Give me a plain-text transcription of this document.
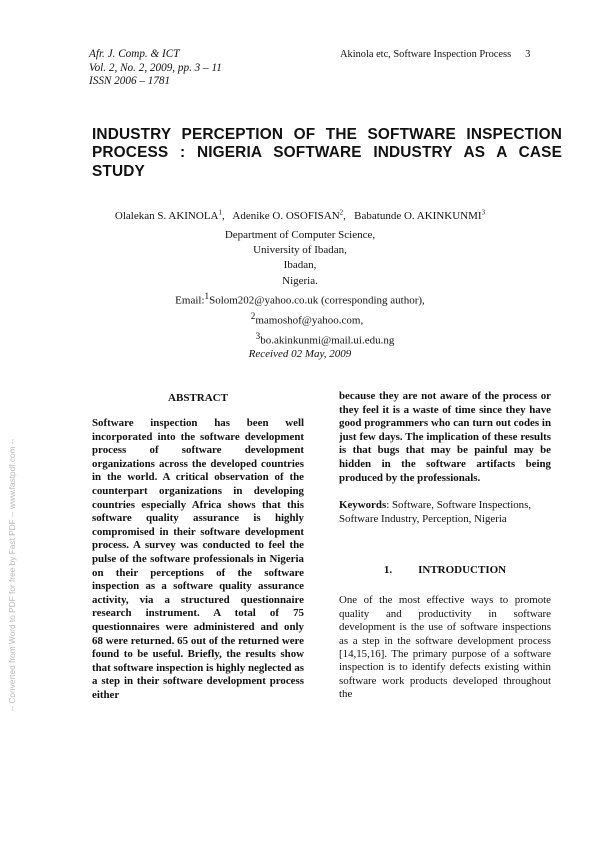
Afr. J. Comp. & ICT
Vol. 2, No. 2, 2009, pp. 3 – 11
ISSN 2006 – 1781
Akinola etc, Software Inspection Process 3
INDUSTRY PERCEPTION OF THE SOFTWARE INSPECTION PROCESS : NIGERIA SOFTWARE INDUSTRY AS A CASE STUDY
Olalekan S. AKINOLA$^1$, Adenike O. OSOFISAN$^2$, Babatunde O. AKINKUNMI$^3$
Department of Computer Science,
University of Ibadan,
Ibadan,
Nigeria.
Email:$^1$Solom202@yahoo.co.uk (corresponding author),
$^2$mamoshof@yahoo.com,
$^3$bo.akinkunmi@mail.ui.edu.ng
Received 02 May, 2009
ABSTRACT
Software inspection has been well incorporated into the software development process of software development organizations across the developed countries in the world. A critical observation of the counterpart organizations in developing countries especially Africa shows that this software quality assurance is highly compromised in their software development process. A survey was conducted to feel the pulse of the software professionals in Nigeria on their perceptions of the software inspection as a software quality assurance activity, via a structured questionnaire research instrument. A total of 75 questionnaires were administered and only 68 were returned. 65 out of the returned were found to be useful. Briefly, the results show that software inspection is highly neglected as a step in their software development process either
because they are not aware of the process or they feel it is a waste of time since they have good programmers who can turn out codes in just few days. The implication of these results is that bugs that may be painful may be hidden in the software artifacts being produced by the professionals.
Keywords: Software, Software Inspections, Software Industry, Perception, Nigeria
1. INTRODUCTION
One of the most effective ways to promote quality and productivity in software development is the use of software inspections as a step in the software development process [14,15,16]. The primary purpose of a software inspection is to identify defects existing within software work products developed throughout the
-- Converted from Word to PDF for free by Fast PDF -- www.fastpdf.com --
